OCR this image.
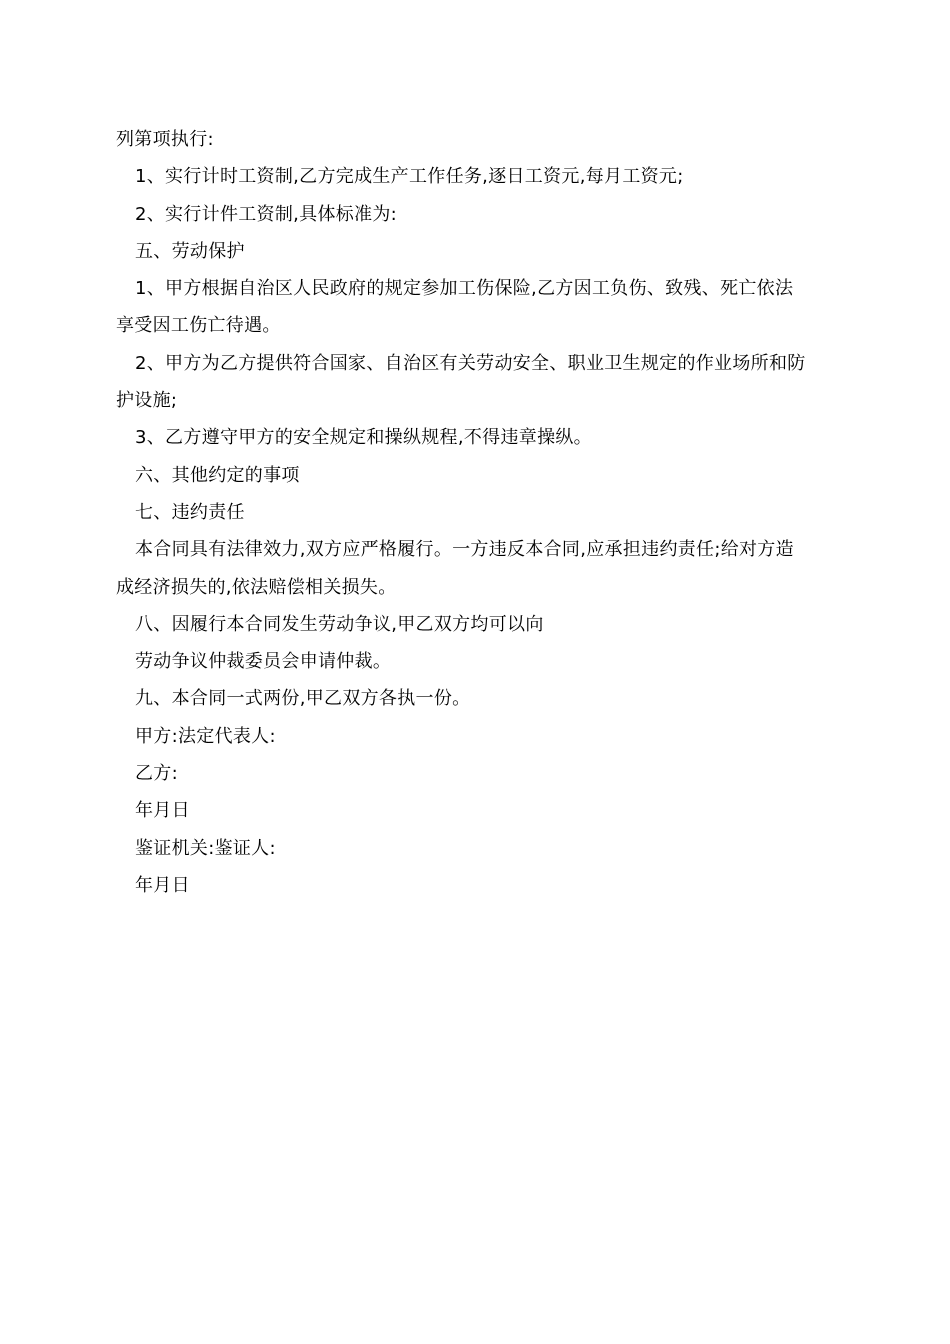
列第项执行:
1、实行计时工资制,乙方完成生产工作任务,逐日工资元,每月工资元;
2、实行计件工资制,具体标准为:
五、劳动保护
1、甲方根据自治区人民政府的规定参加工伤保险,乙方因工负伤、致残、死亡依法
享受因工伤亡待遇。
2、甲方为乙方提供符合国家、自治区有关劳动安全、职业卫生规定的作业场所和防
护设施;
3、乙方遵守甲方的安全规定和操纵规程,不得违章操纵。
六、其他约定的事项
七、违约责任
本合同具有法律效力,双方应严格履行。一方违反本合同,应承担违约责任;给对方造
成经济损失的,依法赔偿相关损失。
八、因履行本合同发生劳动争议,甲乙双方均可以向
劳动争议仲裁委员会申请仲裁。
九、本合同一式两份,甲乙双方各执一份。
甲方:法定代表人:
乙方:
年月日
鉴证机关:鉴证人:
年月日
